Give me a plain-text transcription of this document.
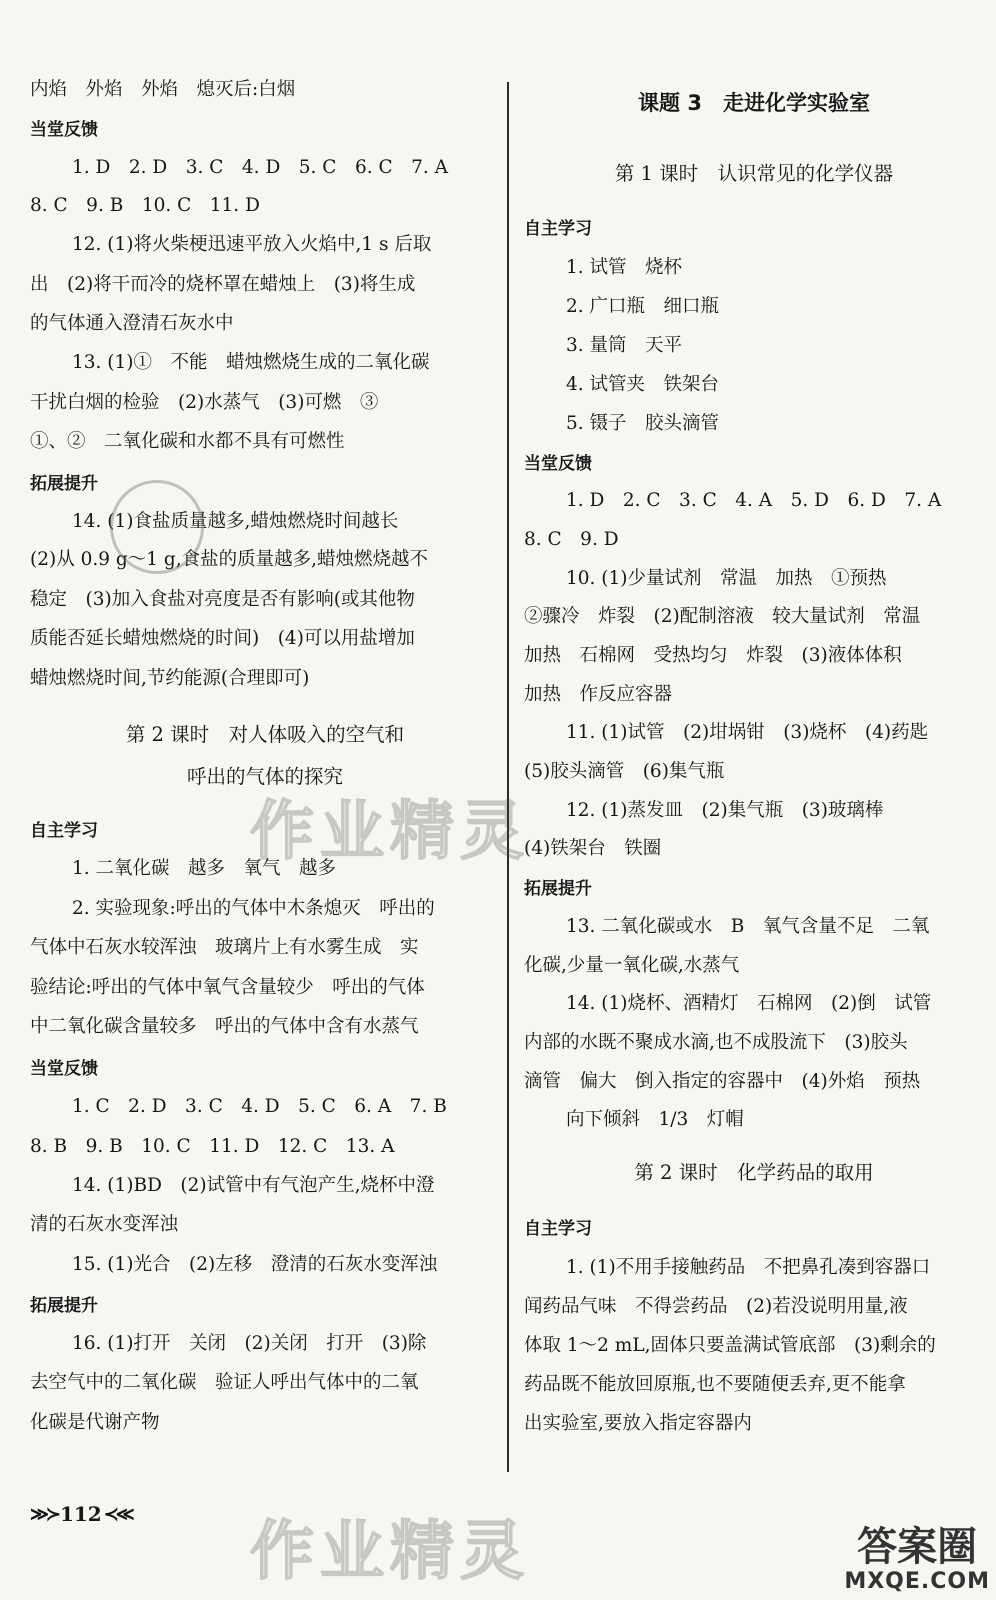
内焰　外焰　外焰　熄灭后:白烟
当堂反馈
1. D　2. D　3. C　4. D　5. C　6. C　7. A
8. C　9. B　10. C　11. D
12. (1)将火柴梗迅速平放入火焰中,1 s 后取
出　(2)将干而冷的烧杯罩在蜡烛上　(3)将生成
的气体通入澄清石灰水中
13. (1)①　不能　蜡烛燃烧生成的二氧化碳
干扰白烟的检验　(2)水蒸气　(3)可燃　③
①、②　二氧化碳和水都不具有可燃性
拓展提升
14. (1)食盐质量越多,蜡烛燃烧时间越长
(2)从 0.9 g～1 g,食盐的质量越多,蜡烛燃烧越不
稳定　(3)加入食盐对亮度是否有影响(或其他物
质能否延长蜡烛燃烧的时间)　(4)可以用盐增加
蜡烛燃烧时间,节约能源(合理即可)
第 2 课时　对人体吸入的空气和
呼出的气体的探究
自主学习
1. 二氧化碳　越多　氧气　越多
2. 实验现象:呼出的气体中木条熄灭　呼出的
气体中石灰水较浑浊　玻璃片上有水雾生成　实
验结论:呼出的气体中氧气含量较少　呼出的气体
中二氧化碳含量较多　呼出的气体中含有水蒸气
当堂反馈
1. C　2. D　3. C　4. D　5. C　6. A　7. B
8. B　9. B　10. C　11. D　12. C　13. A
14. (1)BD　(2)试管中有气泡产生,烧杯中澄
清的石灰水变浑浊
15. (1)光合　(2)左移　澄清的石灰水变浑浊
拓展提升
16. (1)打开　关闭　(2)关闭　打开　(3)除
去空气中的二氧化碳　验证人呼出气体中的二氧
化碳是代谢产物
课题 3　走进化学实验室
第 1 课时　认识常见的化学仪器
自主学习
1. 试管　烧杯
2. 广口瓶　细口瓶
3. 量筒　天平
4. 试管夹　铁架台
5. 镊子　胶头滴管
当堂反馈
1. D　2. C　3. C　4. A　5. D　6. D　7. A
8. C　9. D
10. (1)少量试剂　常温　加热　①预热
②骤冷　炸裂　(2)配制溶液　较大量试剂　常温
加热　石棉网　受热均匀　炸裂　(3)液体体积
加热　作反应容器
11. (1)试管　(2)坩埚钳　(3)烧杯　(4)药匙
(5)胶头滴管　(6)集气瓶
12. (1)蒸发皿　(2)集气瓶　(3)玻璃棒
(4)铁架台　铁圈
拓展提升
13. 二氧化碳或水　B　氧气含量不足　二氧
化碳,少量一氧化碳,水蒸气
14. (1)烧杯、酒精灯　石棉网　(2)倒　试管
内部的水既不聚成水滴,也不成股流下　(3)胶头
滴管　偏大　倒入指定的容器中　(4)外焰　预热
向下倾斜　1/3　灯帽
第 2 课时　化学药品的取用
自主学习
1. (1)不用手接触药品　不把鼻孔凑到容器口
闻药品气味　不得尝药品　(2)若没说明用量,液
体取 1～2 mL,固体只要盖满试管底部　(3)剩余的
药品既不能放回原瓶,也不要随便丢弃,更不能拿
出实验室,要放入指定容器内
作业精灵
作业精灵
≫≻ 112 ≺≪
答案圈
MXQE.COM
